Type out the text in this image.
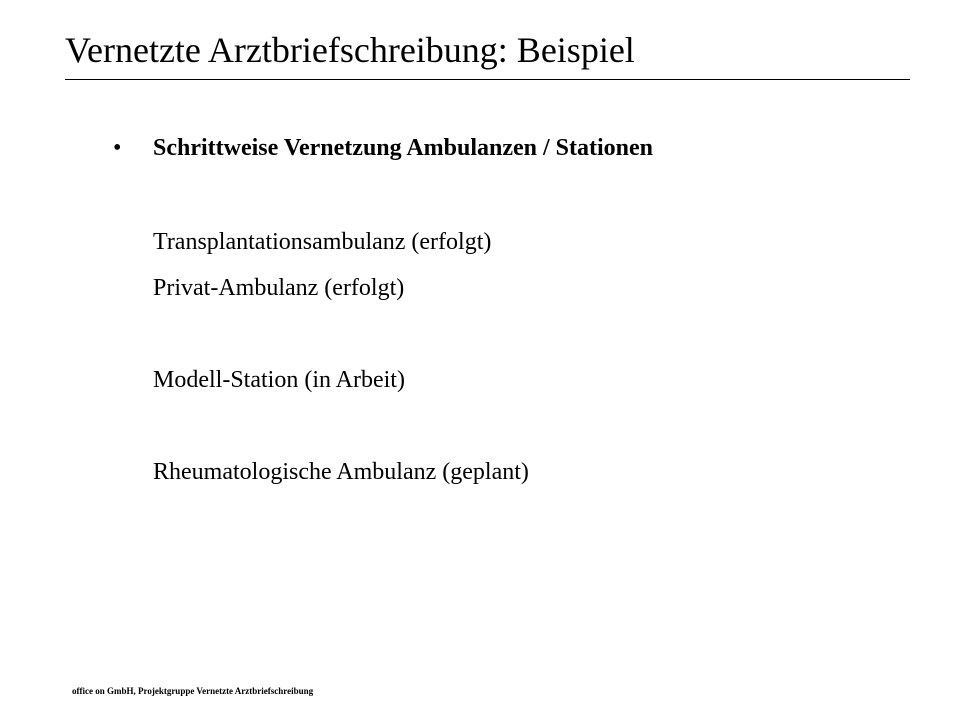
Vernetzte Arztbriefschreibung: Beispiel
•	Schrittweise Vernetzung Ambulanzen / Stationen
Transplantationsambulanz (erfolgt)
Privat-Ambulanz (erfolgt)
Modell-Station (in Arbeit)
Rheumatologische Ambulanz (geplant)
office on GmbH, Projektgruppe Vernetzte Arztbriefschreibung
